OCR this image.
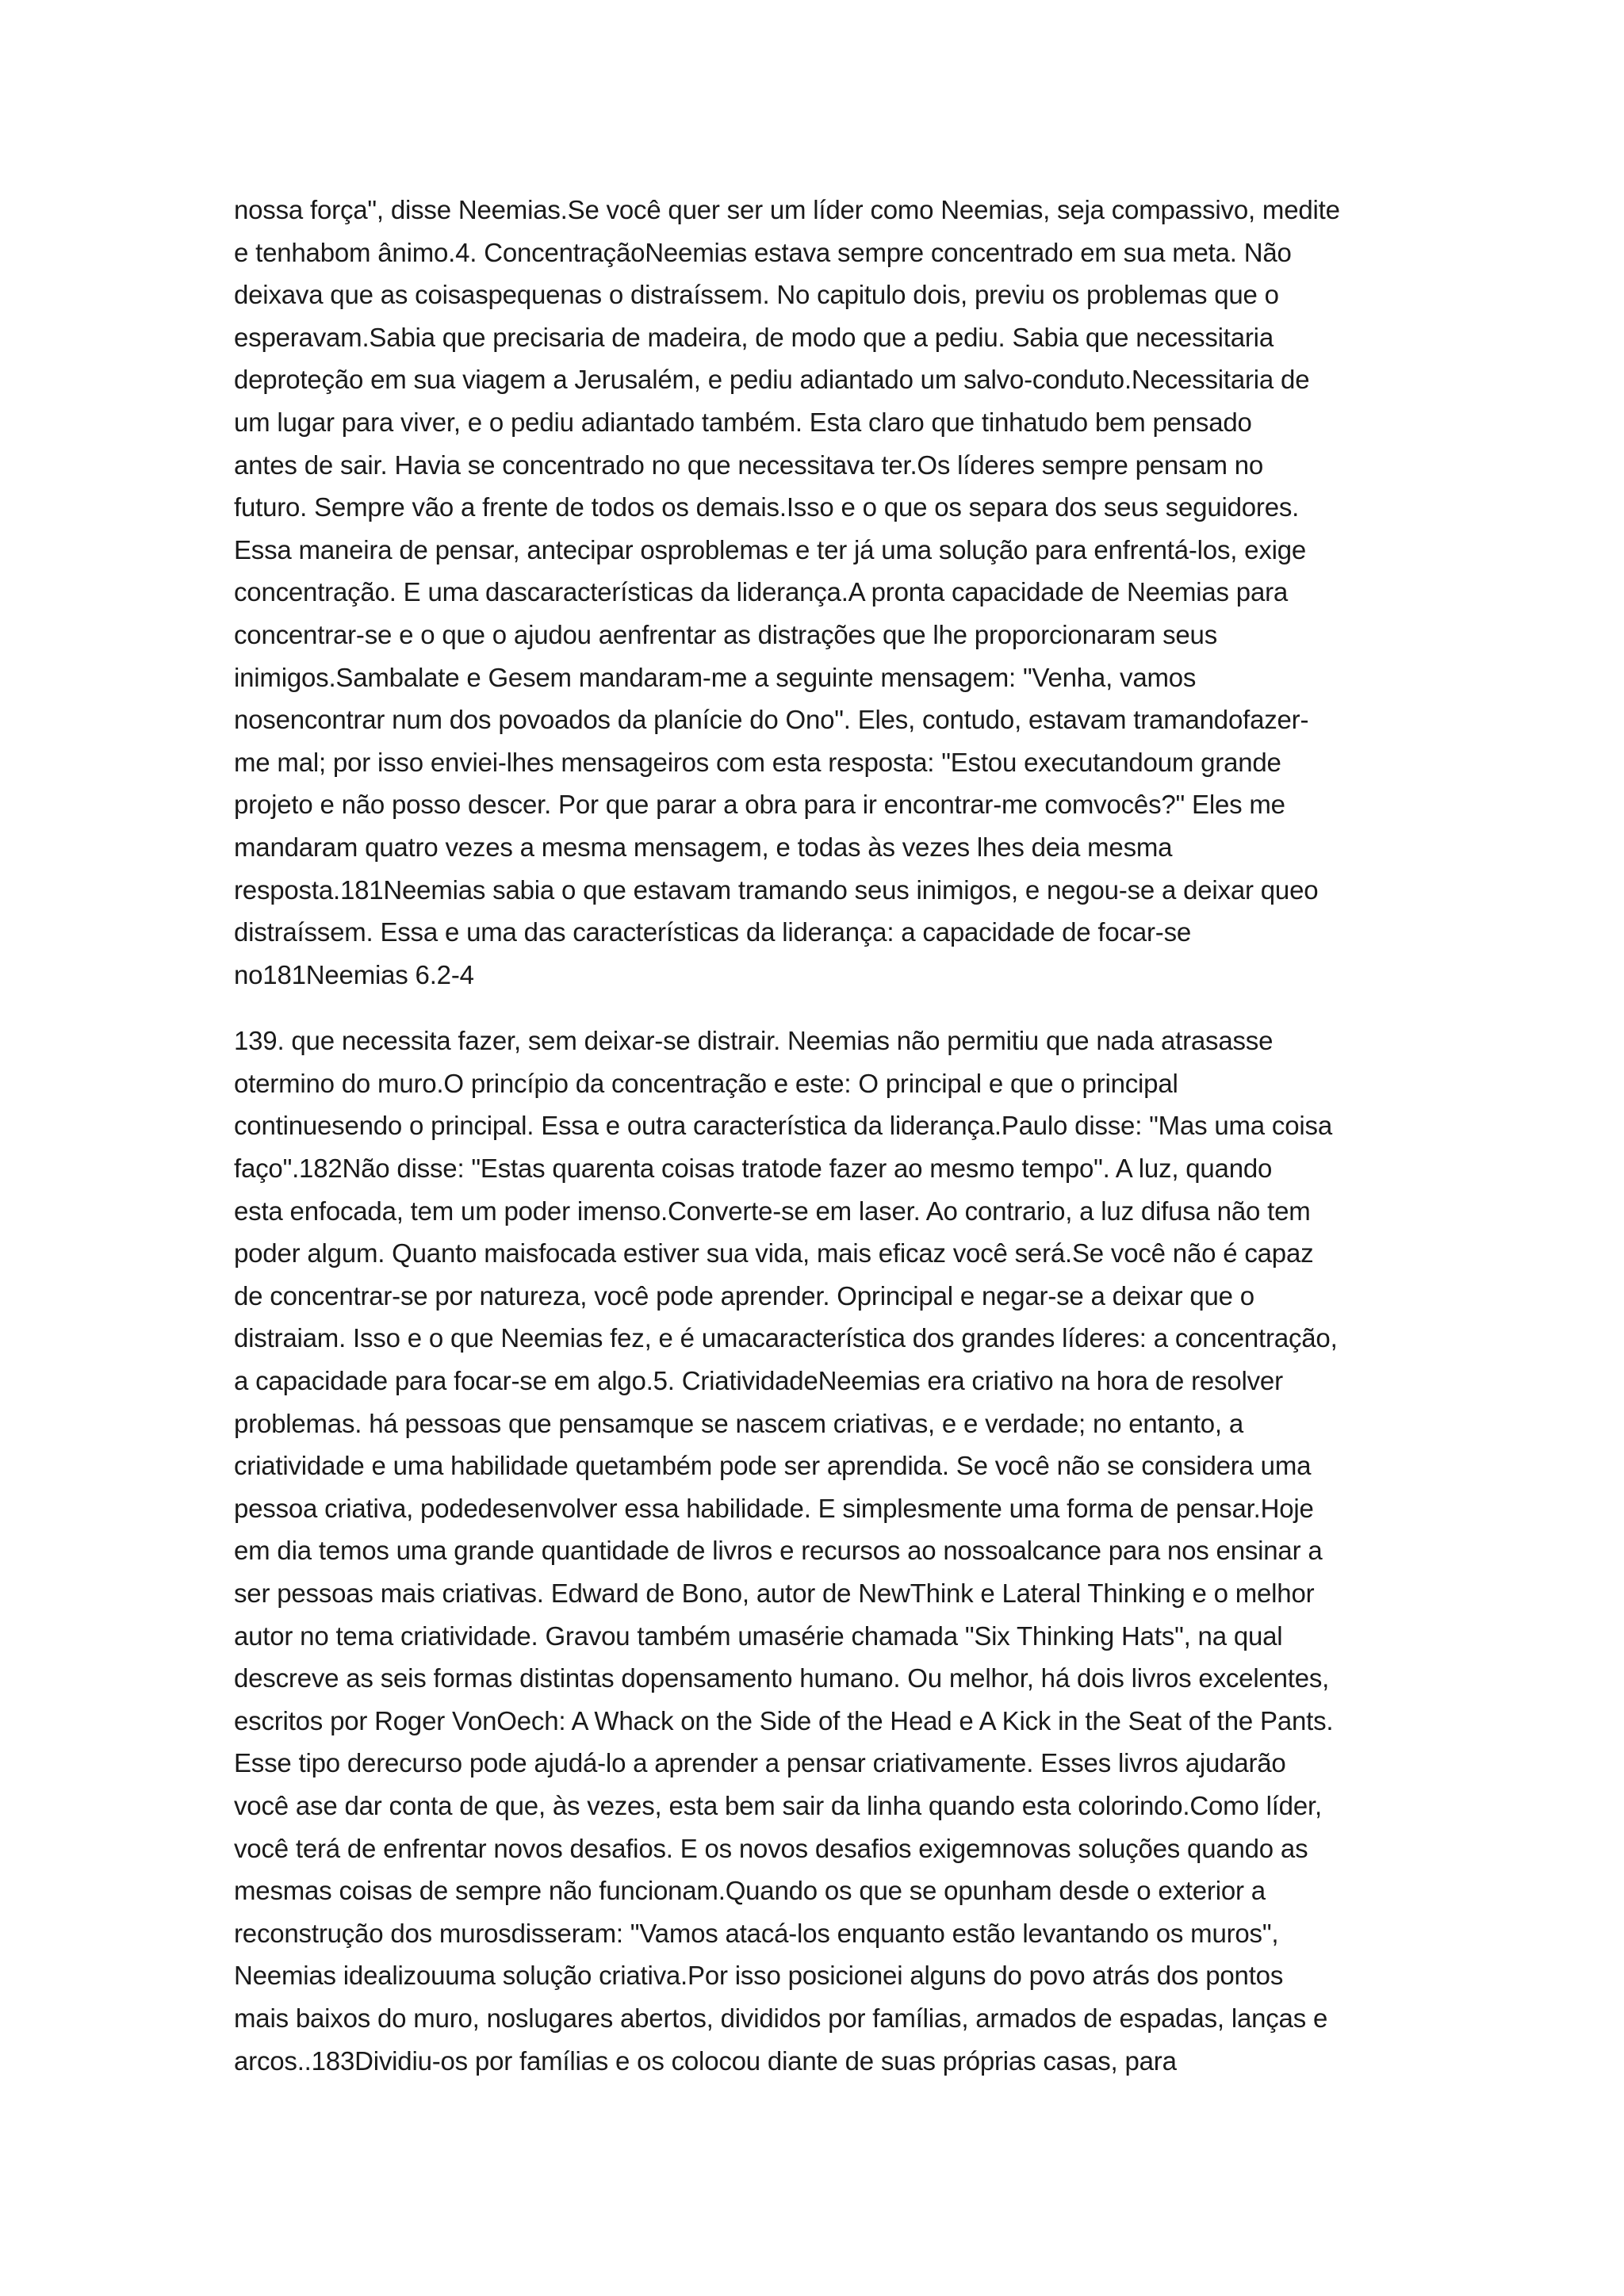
nossa força", disse Neemias.Se você quer ser um líder como Neemias, seja compassivo, medite
e tenhabom ânimo.4. ConcentraçãoNeemias estava sempre concentrado em sua meta. Não
deixava que as coisaspequenas o distraíssem. No capitulo dois, previu os problemas que o
esperavam.Sabia que precisaria de madeira, de modo que a pediu. Sabia que necessitaria
deproteção em sua viagem a Jerusalém, e pediu adiantado um salvo-conduto.Necessitaria de
um lugar para viver, e o pediu adiantado também. Esta claro que tinhatudo bem pensado
antes de sair. Havia se concentrado no que necessitava ter.Os líderes sempre pensam no
futuro. Sempre vão a frente de todos os demais.Isso e o que os separa dos seus seguidores.
Essa maneira de pensar, antecipar osproblemas e ter já uma solução para enfrentá-los, exige
concentração. E uma dascaracterísticas da liderança.A pronta capacidade de Neemias para
concentrar-se e o que o ajudou aenfrentar as distrações que lhe proporcionaram seus
inimigos.Sambalate e Gesem mandaram-me a seguinte mensagem: "Venha, vamos
nosencontrar num dos povoados da planície do Ono". Eles, contudo, estavam tramandofazer-
me mal; por isso enviei-lhes mensageiros com esta resposta: "Estou executandoum grande
projeto e não posso descer. Por que parar a obra para ir encontrar-me comvocês?" Eles me
mandaram quatro vezes a mesma mensagem, e todas às vezes lhes deia mesma
resposta.181Neemias sabia o que estavam tramando seus inimigos, e negou-se a deixar queo
distraíssem. Essa e uma das características da liderança: a capacidade de focar-se
no181Neemias 6.2-4
139. que necessita fazer, sem deixar-se distrair. Neemias não permitiu que nada atrasasse
otermino do muro.O princípio da concentração e este: O principal e que o principal
continuesendo o principal. Essa e outra característica da liderança.Paulo disse: "Mas uma coisa
faço".182Não disse: "Estas quarenta coisas tratode fazer ao mesmo tempo". A luz, quando
esta enfocada, tem um poder imenso.Converte-se em laser. Ao contrario, a luz difusa não tem
poder algum. Quanto maisfocada estiver sua vida, mais eficaz você será.Se você não é capaz
de concentrar-se por natureza, você pode aprender. Oprincipal e negar-se a deixar que o
distraiam. Isso e o que Neemias fez, e é umacaracterística dos grandes líderes: a concentração,
a capacidade para focar-se em algo.5. CriatividadeNeemias era criativo na hora de resolver
problemas. há pessoas que pensamque se nascem criativas, e e verdade; no entanto, a
criatividade e uma habilidade quetambém pode ser aprendida. Se você não se considera uma
pessoa criativa, podedesenvolver essa habilidade. E simplesmente uma forma de pensar.Hoje
em dia temos uma grande quantidade de livros e recursos ao nossoalcance para nos ensinar a
ser pessoas mais criativas. Edward de Bono, autor de NewThink e Lateral Thinking e o melhor
autor no tema criatividade. Gravou também umasérie chamada "Six Thinking Hats", na qual
descreve as seis formas distintas dopensamento humano. Ou melhor, há dois livros excelentes,
escritos por Roger VonOech: A Whack on the Side of the Head e A Kick in the Seat of the Pants.
Esse tipo derecurso pode ajudá-lo a aprender a pensar criativamente. Esses livros ajudarão
você ase dar conta de que, às vezes, esta bem sair da linha quando esta colorindo.Como líder,
você terá de enfrentar novos desafios. E os novos desafios exigemnovas soluções quando as
mesmas coisas de sempre não funcionam.Quando os que se opunham desde o exterior a
reconstrução dos murosdisseram: "Vamos atacá-los enquanto estão levantando os muros",
Neemias idealizouuma solução criativa.Por isso posicionei alguns do povo atrás dos pontos
mais baixos do muro, noslugares abertos, divididos por famílias, armados de espadas, lanças e
arcos..183Dividiu-os por famílias e os colocou diante de suas próprias casas, para
